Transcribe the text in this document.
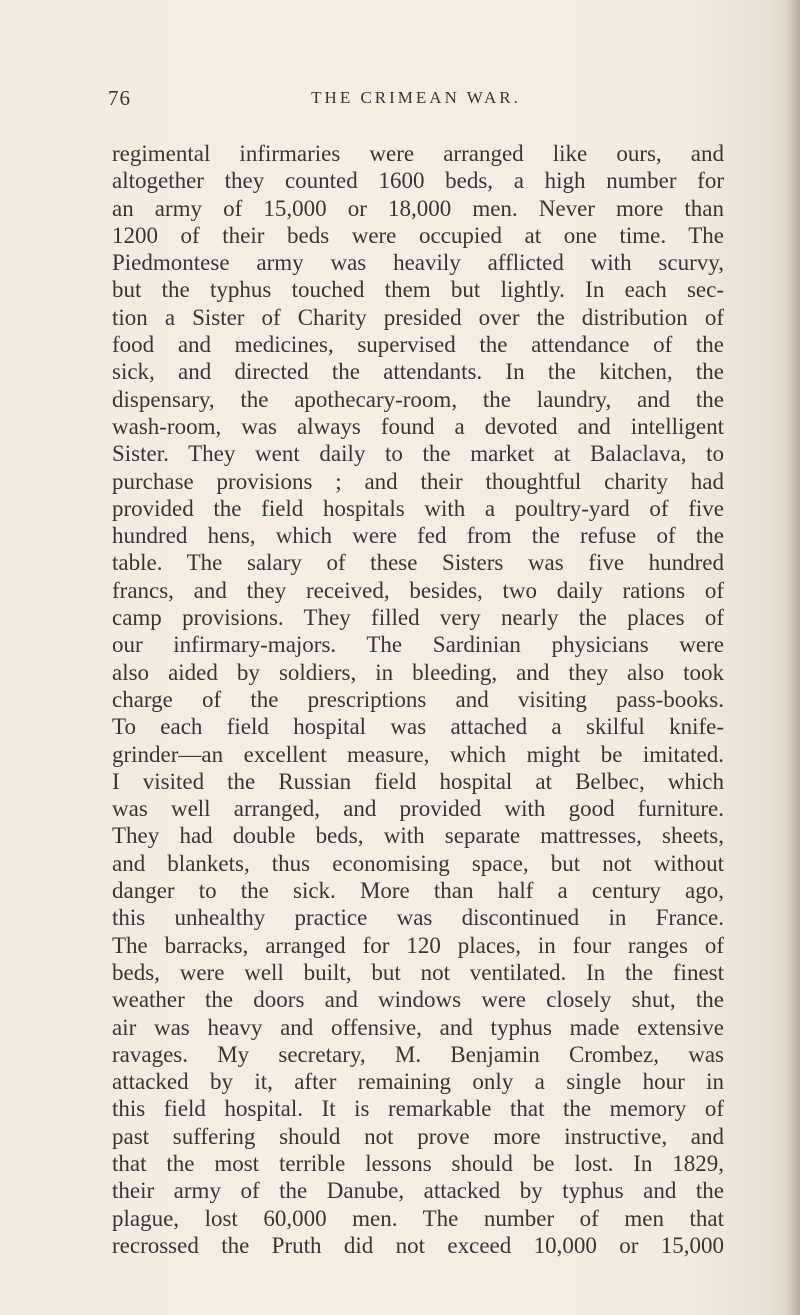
76	THE CRIMEAN WAR.
regimental infirmaries were arranged like ours, and
altogether they counted 1600 beds, a high number for
an army of 15,000 or 18,000 men. Never more than
1200 of their beds were occupied at one time. The
Piedmontese army was heavily afflicted with scurvy,
but the typhus touched them but lightly. In each sec-
tion a Sister of Charity presided over the distribution of
food and medicines, supervised the attendance of the
sick, and directed the attendants. In the kitchen, the
dispensary, the apothecary-room, the laundry, and the
wash-room, was always found a devoted and intelligent
Sister. They went daily to the market at Balaclava, to
purchase provisions ; and their thoughtful charity had
provided the field hospitals with a poultry-yard of five
hundred hens, which were fed from the refuse of the
table. The salary of these Sisters was five hundred
francs, and they received, besides, two daily rations of
camp provisions. They filled very nearly the places of
our infirmary-majors. The Sardinian physicians were
also aided by soldiers, in bleeding, and they also took
charge of the prescriptions and visiting pass-books.
To each field hospital was attached a skilful knife-
grinder—an excellent measure, which might be imitated.
I visited the Russian field hospital at Belbec, which
was well arranged, and provided with good furniture.
They had double beds, with separate mattresses, sheets,
and blankets, thus economising space, but not without
danger to the sick. More than half a century ago,
this unhealthy practice was discontinued in France.
The barracks, arranged for 120 places, in four ranges of
beds, were well built, but not ventilated. In the finest
weather the doors and windows were closely shut, the
air was heavy and offensive, and typhus made extensive
ravages. My secretary, M. Benjamin Crombez, was
attacked by it, after remaining only a single hour in
this field hospital. It is remarkable that the memory of
past suffering should not prove more instructive, and
that the most terrible lessons should be lost. In 1829,
their army of the Danube, attacked by typhus and the
plague, lost 60,000 men. The number of men that
recrossed the Pruth did not exceed 10,000 or 15,000
